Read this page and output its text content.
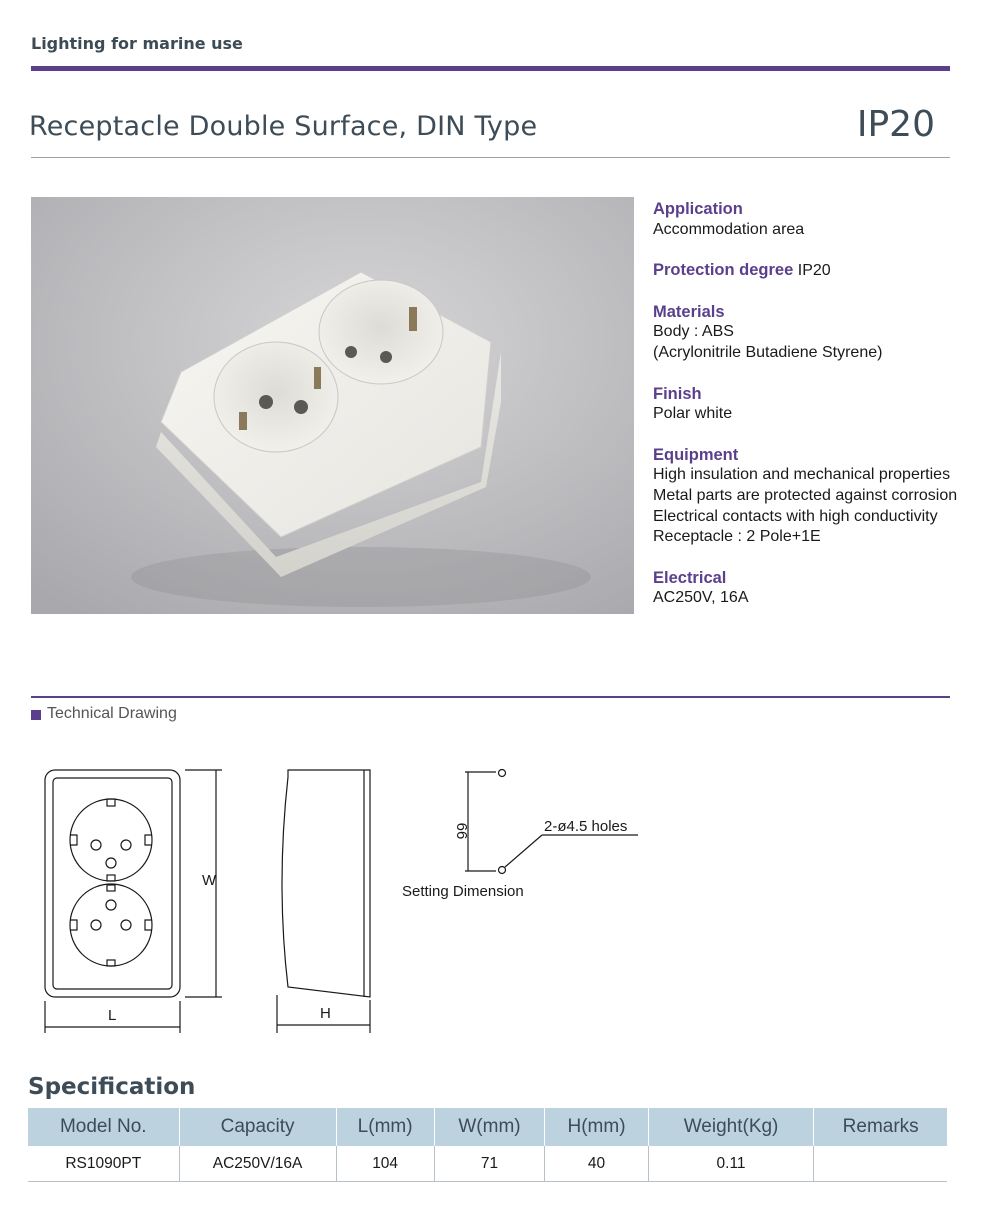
Lighting for marine use
Receptacle Double Surface, DIN Type	IP20
Application
Accommodation area
Protection degree IP20
Materials
Body : ABS
(Acrylonitrile Butadiene Styrene)
Finish
Polar white
Equipment
High insulation and mechanical properties
Metal parts are protected against corrosion
Electrical contacts with high conductivity
Receptacle : 2 Pole+1E
Electrical
AC250V, 16A
Technical Drawing
W
L	H
66	2-ø4.5 holes
Setting Dimension
Specification
Model No.	Capacity	L(mm)	W(mm)	H(mm)	Weight(Kg)	Remarks
RS1090PT	AC250V/16A	104	71	40	0.11	
